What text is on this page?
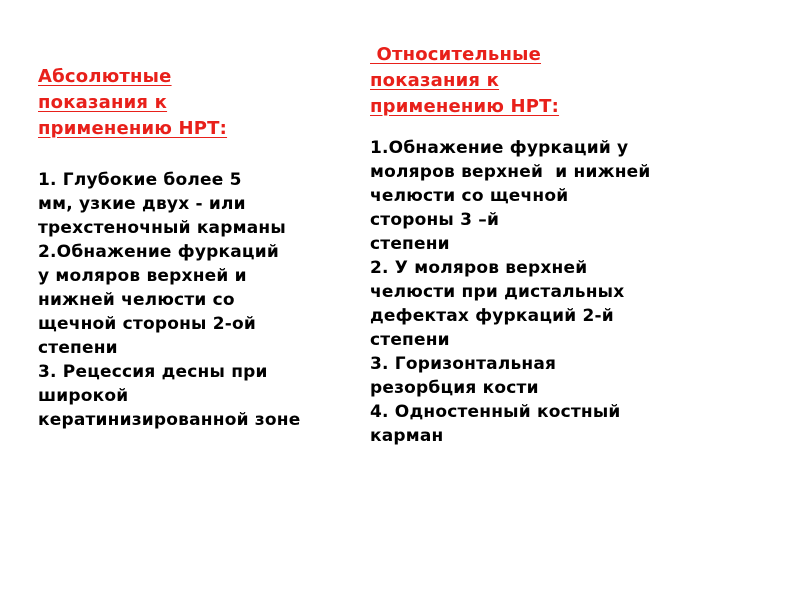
Абсолютные
показания к
применению НРТ:
1. Глубокие более 5
мм, узкие двух - или
трехстеночный карманы
2.Обнажение фуркаций
у моляров верхней и
нижней челюсти со
щечной стороны 2-ой
степени
3. Рецессия десны при
широкой
кератинизированной зоне
Относительные
показания к
применению НРТ:
1.Обнажение фуркаций у
моляров верхней  и нижней
челюсти со щечной
стороны 3 –й
степени
2. У моляров верхней
челюсти при дистальных
дефектах фуркаций 2-й
степени
3. Горизонтальная
резорбция кости
4. Одностенный костный
карман
